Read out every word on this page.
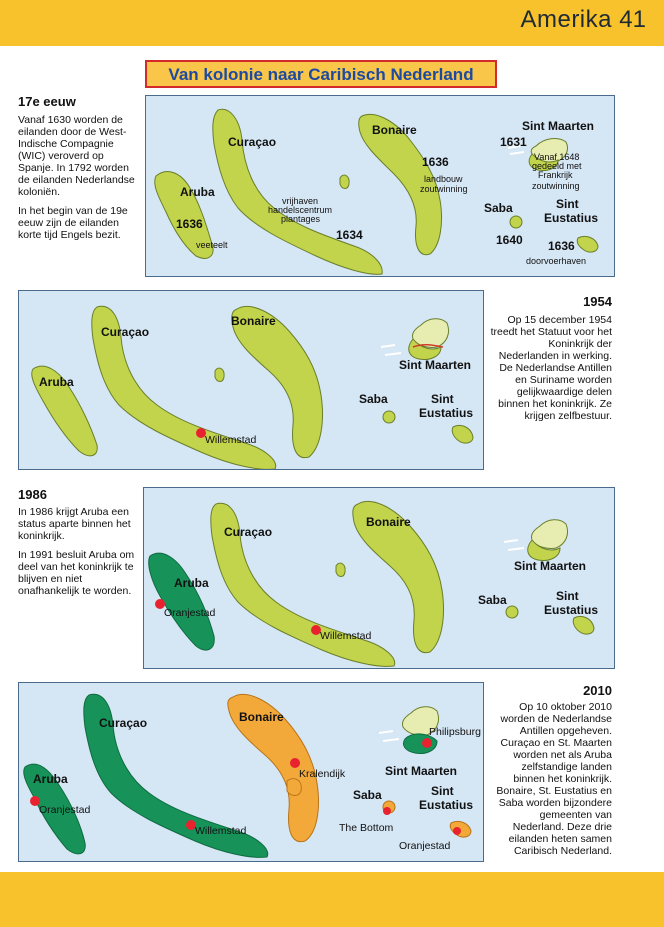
Amerika 41
Van kolonie naar Caribisch Nederland
17e eeuw

Vanaf 1630 worden de eilanden door de West-Indische Compagnie (WIC) veroverd op Spanje. In 1792 worden de eilanden Nederlandse koloniën.

In het begin van de 19e eeuw zijn de eilanden korte tijd Engels bezit.

Aruba
1636
veeteelt
Curaçao
vrijhaven
handelscentrum
plantages
1634
Bonaire
1636
landbouw
zoutwinning
Sint Maarten
1631
Vanaf 1648
gedeeld met
Frankrijk
zoutwinning
Saba
1640
Sint
Eustatius
1636
doorvoerhaven
Aruba
Curaçao
Willemstad
Bonaire
Sint Maarten
Saba	Sint
Eustatius
1954

Op 15 december 1954 treedt het Statuut voor het Koninkrijk der Nederlanden in werking. De Nederlandse Antillen en Suriname worden gelijkwaardige delen binnen het koninkrijk. Ze krijgen zelfbestuur.

1986

In 1986 krijgt Aruba een status aparte binnen het koninkrijk.

In 1991 besluit Aruba om deel van het koninkrijk te blijven en niet onafhankelijk te worden.

Aruba
Oranjestad
Curaçao
Willemstad
Bonaire
Sint Maarten
Saba	Sint
Eustatius
Aruba
Oranjestad
Curaçao
Willemstad
Bonaire
Kralendijk
Philipsburg
Sint Maarten
Saba
The Bottom
Sint
Eustatius
Oranjestad
2010

Op 10 oktober 2010 worden de Nederlandse Antillen opgeheven. Curaçao en St. Maarten worden net als Aruba zelfstandige landen binnen het koninkrijk. Bonaire, St. Eustatius en Saba worden bijzondere gemeenten van Nederland. Deze drie eilanden heten samen Caribisch Nederland.
